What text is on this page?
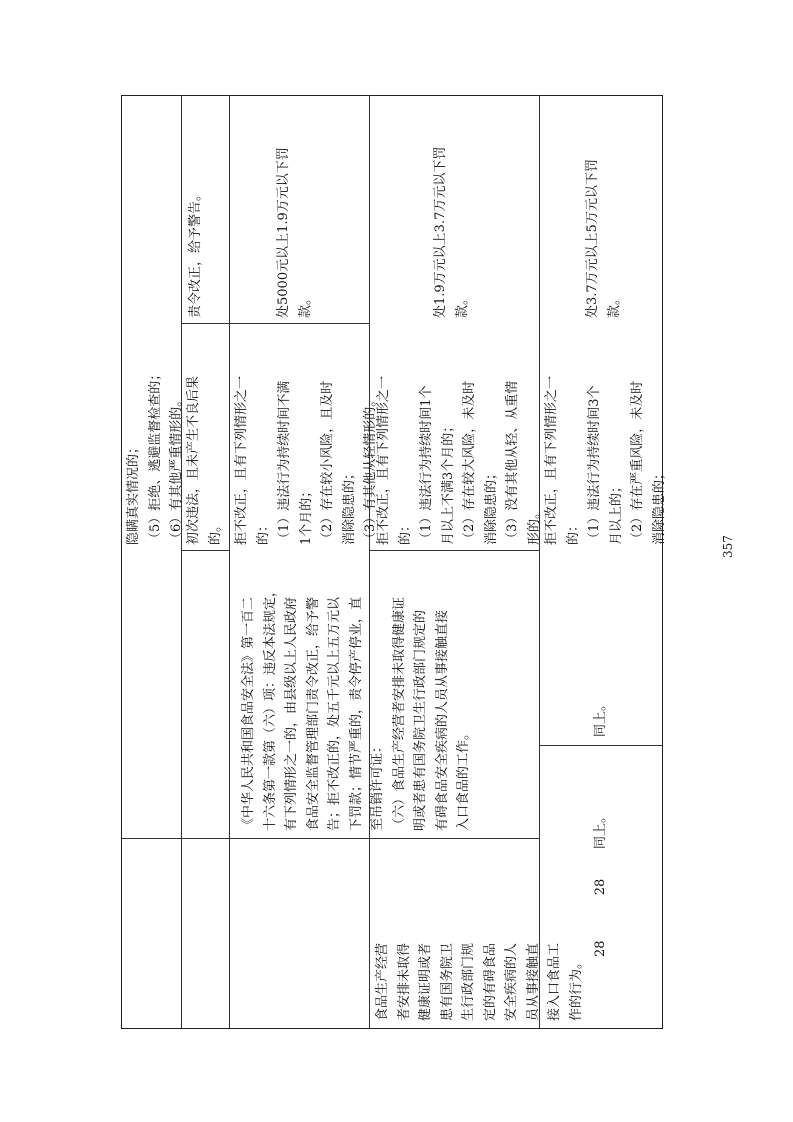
28
食品生产经营 者安排未取得 健康证明或者 患有国务院卫 生行政部门规 定的有碍食品 安全疾病的人 员从事接触直 接入口食品工 作的行为。
《中华人民共和国食品安全法》第一百二 十六条第一款第（六）项：违反本法规定， 有下列情形之一的，由县级以上人民政府 食品安全监督管理部门责令改正，给予警 告；拒不改正的，处五千元以上五万元以 下罚款；情节严重的，责令停产停业，直 至吊销许可证： （六）食品生产经营者安排未取得健康证 明或者患有国务院卫生行政部门规定的 有碍食品安全疾病的人员从事接触直接 入口食品的工作。
隐瞒真实情况的； （5）拒绝、逃避监督检查的； （6）有其他严重情形的。 初次违法，且未产生不良后果 的。
责令改正，给予警告。
拒不改正，且有下列情形之一 的： （1）违法行为持续时间不满 1个月的； （2）存在较小风险，且及时 消除隐患的； （3）有其他从轻情形的。
处5000元以上1.9万元以下罚 款。
28
同上。
同上。
拒不改正，且有下列情形之一 的： （1）违法行为持续时间1个 月以上不满3个月的； （2）存在较大风险，未及时 消除隐患的； （3）没有其他从轻、从重情 形的。
处1.9万元以上3.7万元以下罚 款。
拒不改正，且有下列情形之一 的： （1）违法行为持续时间3个 月以上的； （2）存在严重风险，未及时 消除隐患的；
处3.7万元以上5万元以下罚 款。
357
